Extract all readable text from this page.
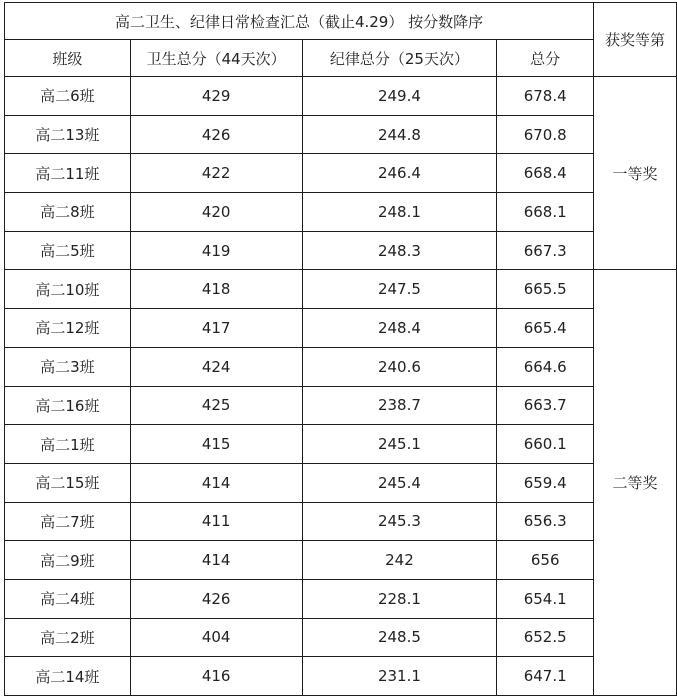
高二卫生、纪律日常检查汇总（截止4.29） 按分数降序				获奖等第
班级	卫生总分（44天次）	纪律总分（25天次）	总分	
高二6班	429	249.4	678.4	一等奖
高二13班	426	244.8	670.8	
高二11班	422	246.4	668.4	
高二8班	420	248.1	668.1	
高二5班	419	248.3	667.3	
高二10班	418	247.5	665.5	二等奖
高二12班	417	248.4	665.4	
高二3班	424	240.6	664.6	
高二16班	425	238.7	663.7	
高二1班	415	245.1	660.1	
高二15班	414	245.4	659.4	
高二7班	411	245.3	656.3	
高二9班	414	242	656	
高二4班	426	228.1	654.1	
高二2班	404	248.5	652.5	
高二14班	416	231.1	647.1	
